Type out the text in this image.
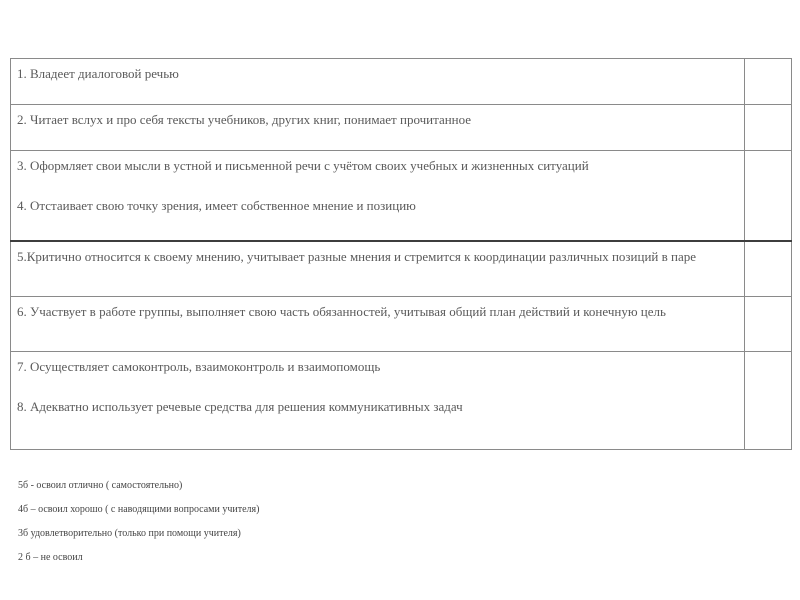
1. Владеет диалоговой речью	

2. Читает вслух и про себя тексты учебников, других книг, понимает прочитанное	

3. Оформляет свои мысли в устной и письменной речи с учётом своих учебных и жизненных ситуаций
4. Отстаивает свою точку зрения, имеет собственное мнение и позицию	

5.Критично относится к своему мнению, учитывает разные мнения и стремится к координации различных позиций в паре	

6. Участвует в работе группы, выполняет свою часть обязанностей, учитывая общий план действий и конечную цель	

7. Осуществляет самоконтроль, взаимоконтроль и взаимопомощь
8. Адекватно использует речевые средства для решения коммуникативных задач	

5б - освоил отлично ( самостоятельно)
4б – освоил хорошо ( с наводящими вопросами учителя)
3б удовлетворительно (только при помощи учителя)
2 б – не освоил
